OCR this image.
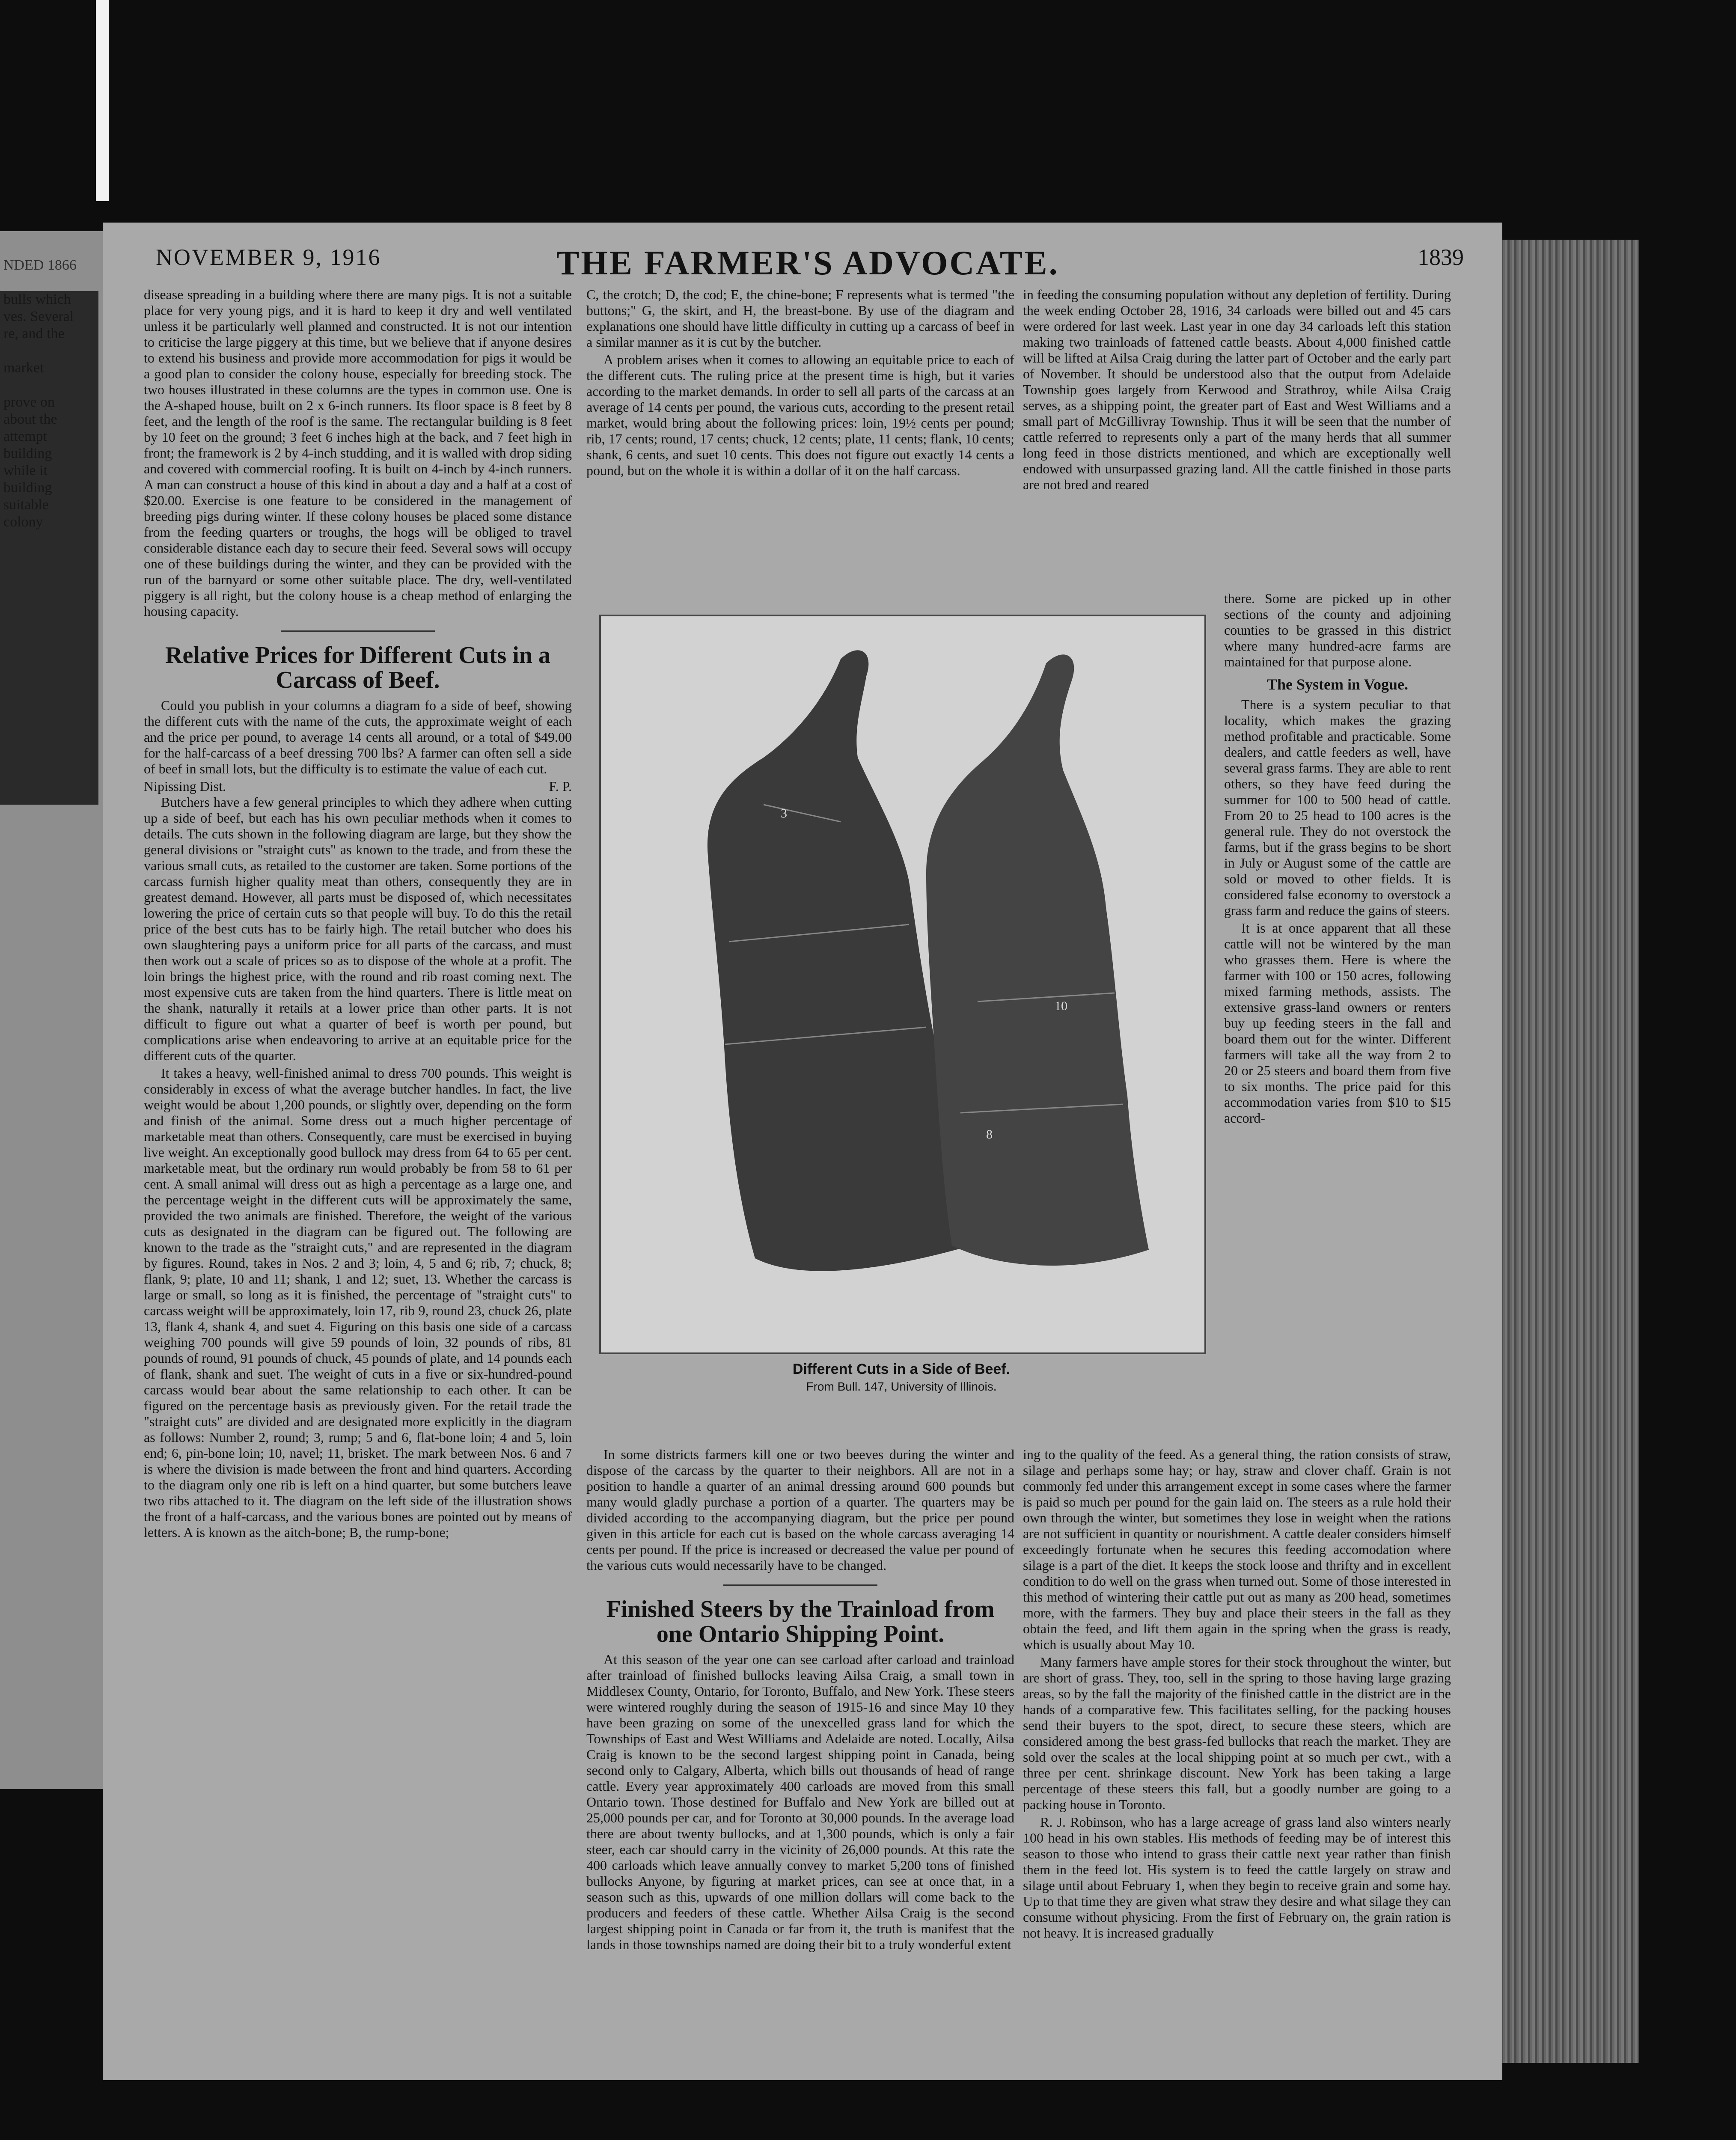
NDED 1866

bulls which
ves. Several
re, and the

market

prove on
about the
attempt
building
while it
building
suitable
colony
NOVEMBER 9, 1916	THE FARMER'S ADVOCATE.	1839

disease spreading in a building where there are many pigs. It is not a suitable place for very young pigs, and it is hard to keep it dry and well ventilated unless it be particularly well planned and constructed. It is not our intention to criticise the large piggery at this time, but we believe that if anyone desires to extend his business and provide more accommodation for pigs it would be a good plan to consider the colony house, especially for breeding stock. The two houses illustrated in these columns are the types in common use. One is the A-shaped house, built on 2 x 6-inch runners. Its floor space is 8 feet by 8 feet, and the length of the roof is the same. The rectangular building is 8 feet by 10 feet on the ground; 3 feet 6 inches high at the back, and 7 feet high in front; the framework is 2 by 4-inch studding, and it is walled with drop siding and covered with commercial roofing. It is built on 4-inch by 4-inch runners. A man can construct a house of this kind in about a day and a half at a cost of $20.00. Exercise is one feature to be considered in the management of breeding pigs during winter. If these colony houses be placed some distance from the feeding quarters or troughs, the hogs will be obliged to travel considerable distance each day to secure their feed. Several sows will occupy one of these buildings during the winter, and they can be provided with the run of the barnyard or some other suitable place. The dry, well-ventilated piggery is all right, but the colony house is a cheap method of enlarging the housing capacity.

Relative Prices for Different Cuts in a Carcass of Beef.

Could you publish in your columns a diagram fo a side of beef, showing the different cuts with the name of the cuts, the approximate weight of each and the price per pound, to average 14 cents all around, or a total of $49.00 for the half-carcass of a beef dressing 700 lbs? A farmer can often sell a side of beef in small lots, but the difficulty is to estimate the value of each cut.

Nipissing Dist.	F. P.

Butchers have a few general principles to which they adhere when cutting up a side of beef, but each has his own peculiar methods when it comes to details. The cuts shown in the following diagram are large, but they show the general divisions or "straight cuts" as known to the trade, and from these the various small cuts, as retailed to the customer are taken. Some portions of the carcass furnish higher quality meat than others, consequently they are in greatest demand. However, all parts must be disposed of, which necessitates lowering the price of certain cuts so that people will buy. To do this the retail price of the best cuts has to be fairly high. The retail butcher who does his own slaughtering pays a uniform price for all parts of the carcass, and must then work out a scale of prices so as to dispose of the whole at a profit. The loin brings the highest price, with the round and rib roast coming next. The most expensive cuts are taken from the hind quarters. There is little meat on the shank, naturally it retails at a lower price than other parts. It is not difficult to figure out what a quarter of beef is worth per pound, but complications arise when endeavoring to arrive at an equitable price for the different cuts of the quarter.

It takes a heavy, well-finished animal to dress 700 pounds. This weight is considerably in excess of what the average butcher handles. In fact, the live weight would be about 1,200 pounds, or slightly over, depending on the form and finish of the animal. Some dress out a much higher percentage of marketable meat than others. Consequently, care must be exercised in buying live weight. An exceptionally good bullock may dress from 64 to 65 per cent. marketable meat, but the ordinary run would probably be from 58 to 61 per cent. A small animal will dress out as high a percentage as a large one, and the percentage weight in the different cuts will be approximately the same, provided the two animals are finished. Therefore, the weight of the various cuts as designated in the diagram can be figured out. The following are known to the trade as the "straight cuts," and are represented in the diagram by figures. Round, takes in Nos. 2 and 3; loin, 4, 5 and 6; rib, 7; chuck, 8; flank, 9; plate, 10 and 11; shank, 1 and 12; suet, 13. Whether the carcass is large or small, so long as it is finished, the percentage of "straight cuts" to carcass weight will be approximately, loin 17, rib 9, round 23, chuck 26, plate 13, flank 4, shank 4, and suet 4. Figuring on this basis one side of a carcass weighing 700 pounds will give 59 pounds of loin, 32 pounds of ribs, 81 pounds of round, 91 pounds of chuck, 45 pounds of plate, and 14 pounds each of flank, shank and suet. The weight of cuts in a five or six-hundred-pound carcass would bear about the same relationship to each other. It can be figured on the percentage basis as previously given. For the retail trade the "straight cuts" are divided and are designated more explicitly in the diagram as follows: Number 2, round; 3, rump; 5 and 6, flat-bone loin; 4 and 5, loin end; 6, pin-bone loin; 10, navel; 11, brisket. The mark between Nos. 6 and 7 is where the division is made between the front and hind quarters. According to the diagram only one rib is left on a hind quarter, but some butchers leave two ribs attached to it. The diagram on the left side of the illustration shows the front of a half-carcass, and the various bones are pointed out by means of letters. A is known as the aitch-bone; B, the rump-bone;

C, the crotch; D, the cod; E, the chine-bone; F represents what is termed "the buttons;" G, the skirt, and H, the breast-bone. By use of the diagram and explanations one should have little difficulty in cutting up a carcass of beef in a similar manner as it is cut by the butcher.

A problem arises when it comes to allowing an equitable price to each of the different cuts. The ruling price at the present time is high, but it varies according to the market demands. In order to sell all parts of the carcass at an average of 14 cents per pound, the various cuts, according to the present retail market, would bring about the following prices: loin, 19½ cents per pound; rib, 17 cents; round, 17 cents; chuck, 12 cents; plate, 11 cents; flank, 10 cents; shank, 6 cents, and suet 10 cents. This does not figure out exactly 14 cents a pound, but on the whole it is within a dollar of it on the half carcass.

in feeding the consuming population without any depletion of fertility. During the week ending October 28, 1916, 34 carloads were billed out and 45 cars were ordered for last week. Last year in one day 34 carloads left this station making two trainloads of fattened cattle beasts. About 4,000 finished cattle will be lifted at Ailsa Craig during the latter part of October and the early part of November. It should be understood also that the output from Adelaide Township goes largely from Kerwood and Strathroy, while Ailsa Craig serves, as a shipping point, the greater part of East and West Williams and a small part of McGillivray Township. Thus it will be seen that the number of cattle referred to represents only a part of the many herds that all summer long feed in those districts mentioned, and which are exceptionally well endowed with unsurpassed grazing land. All the cattle finished in those parts are not bred and reared

3
8
10
Different Cuts in a Side of Beef.
From Bull. 147, University of Illinois.

there. Some are picked up in other sections of the county and adjoining counties to be grassed in this district where many hundred-acre farms are maintained for that purpose alone.

The System in Vogue.

There is a system peculiar to that locality, which makes the grazing method profitable and practicable. Some dealers, and cattle feeders as well, have several grass farms. They are able to rent others, so they have feed during the summer for 100 to 500 head of cattle. From 20 to 25 head to 100 acres is the general rule. They do not overstock the farms, but if the grass begins to be short in July or August some of the cattle are sold or moved to other fields. It is considered false economy to overstock a grass farm and reduce the gains of steers.

It is at once apparent that all these cattle will not be wintered by the man who grasses them. Here is where the farmer with 100 or 150 acres, following mixed farming methods, assists. The extensive grass-land owners or renters buy up feeding steers in the fall and board them out for the winter. Different farmers will take all the way from 2 to 20 or 25 steers and board them from five to six months. The price paid for this accommodation varies from $10 to $15 accord-

In some districts farmers kill one or two beeves during the winter and dispose of the carcass by the quarter to their neighbors. All are not in a position to handle a quarter of an animal dressing around 600 pounds but many would gladly purchase a portion of a quarter. The quarters may be divided according to the accompanying diagram, but the price per pound given in this article for each cut is based on the whole carcass averaging 14 cents per pound. If the price is increased or decreased the value per pound of the various cuts would necessarily have to be changed.

Finished Steers by the Trainload from one Ontario Shipping Point.

At this season of the year one can see carload after carload and trainload after trainload of finished bullocks leaving Ailsa Craig, a small town in Middlesex County, Ontario, for Toronto, Buffalo, and New York. These steers were wintered roughly during the season of 1915-16 and since May 10 they have been grazing on some of the unexcelled grass land for which the Townships of East and West Williams and Adelaide are noted. Locally, Ailsa Craig is known to be the second largest shipping point in Canada, being second only to Calgary, Alberta, which bills out thousands of head of range cattle. Every year approximately 400 carloads are moved from this small Ontario town. Those destined for Buffalo and New York are billed out at 25,000 pounds per car, and for Toronto at 30,000 pounds. In the average load there are about twenty bullocks, and at 1,300 pounds, which is only a fair steer, each car should carry in the vicinity of 26,000 pounds. At this rate the 400 carloads which leave annually convey to market 5,200 tons of finished bullocks Anyone, by figuring at market prices, can see at once that, in a season such as this, upwards of one million dollars will come back to the producers and feeders of these cattle. Whether Ailsa Craig is the second largest shipping point in Canada or far from it, the truth is manifest that the lands in those townships named are doing their bit to a truly wonderful extent

ing to the quality of the feed. As a general thing, the ration consists of straw, silage and perhaps some hay; or hay, straw and clover chaff. Grain is not commonly fed under this arrangement except in some cases where the farmer is paid so much per pound for the gain laid on. The steers as a rule hold their own through the winter, but sometimes they lose in weight when the rations are not sufficient in quantity or nourishment. A cattle dealer considers himself exceedingly fortunate when he secures this feeding accomodation where silage is a part of the diet. It keeps the stock loose and thrifty and in excellent condition to do well on the grass when turned out. Some of those interested in this method of wintering their cattle put out as many as 200 head, sometimes more, with the farmers. They buy and place their steers in the fall as they obtain the feed, and lift them again in the spring when the grass is ready, which is usually about May 10.

Many farmers have ample stores for their stock throughout the winter, but are short of grass. They, too, sell in the spring to those having large grazing areas, so by the fall the majority of the finished cattle in the district are in the hands of a comparative few. This facilitates selling, for the packing houses send their buyers to the spot, direct, to secure these steers, which are considered among the best grass-fed bullocks that reach the market. They are sold over the scales at the local shipping point at so much per cwt., with a three per cent. shrinkage discount. New York has been taking a large percentage of these steers this fall, but a goodly number are going to a packing house in Toronto.

R. J. Robinson, who has a large acreage of grass land also winters nearly 100 head in his own stables. His methods of feeding may be of interest this season to those who intend to grass their cattle next year rather than finish them in the feed lot. His system is to feed the cattle largely on straw and silage until about February 1, when they begin to receive grain and some hay. Up to that time they are given what straw they desire and what silage they can consume without physicing. From the first of February on, the grain ration is not heavy. It is increased gradually
